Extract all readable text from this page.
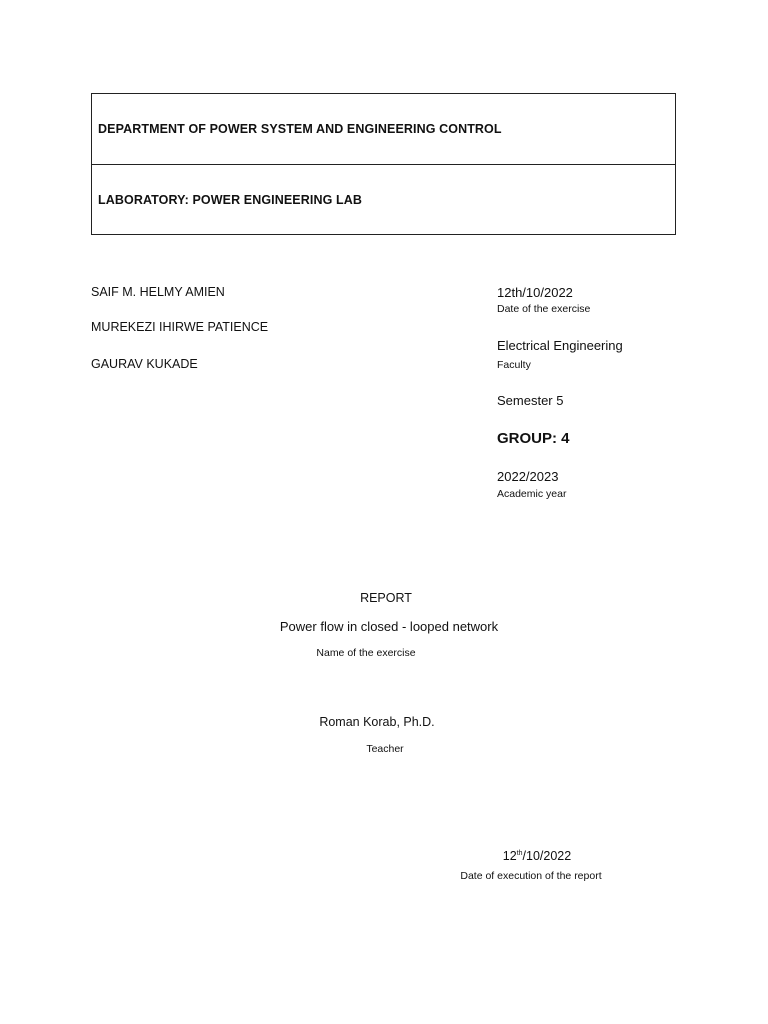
DEPARTMENT OF POWER SYSTEM AND ENGINEERING CONTROL
LABORATORY: POWER ENGINEERING LAB
SAIF M. HELMY AMIEN
MUREKEZI IHIRWE PATIENCE
GAURAV KUKADE
12th/10/2022
Date of the exercise
Electrical Engineering
Faculty
Semester 5
GROUP: 4
2022/2023
Academic year
REPORT
Power flow in closed - looped network
Name of the exercise
Roman Korab, Ph.D.
Teacher
12th/10/2022
Date of execution of the report
